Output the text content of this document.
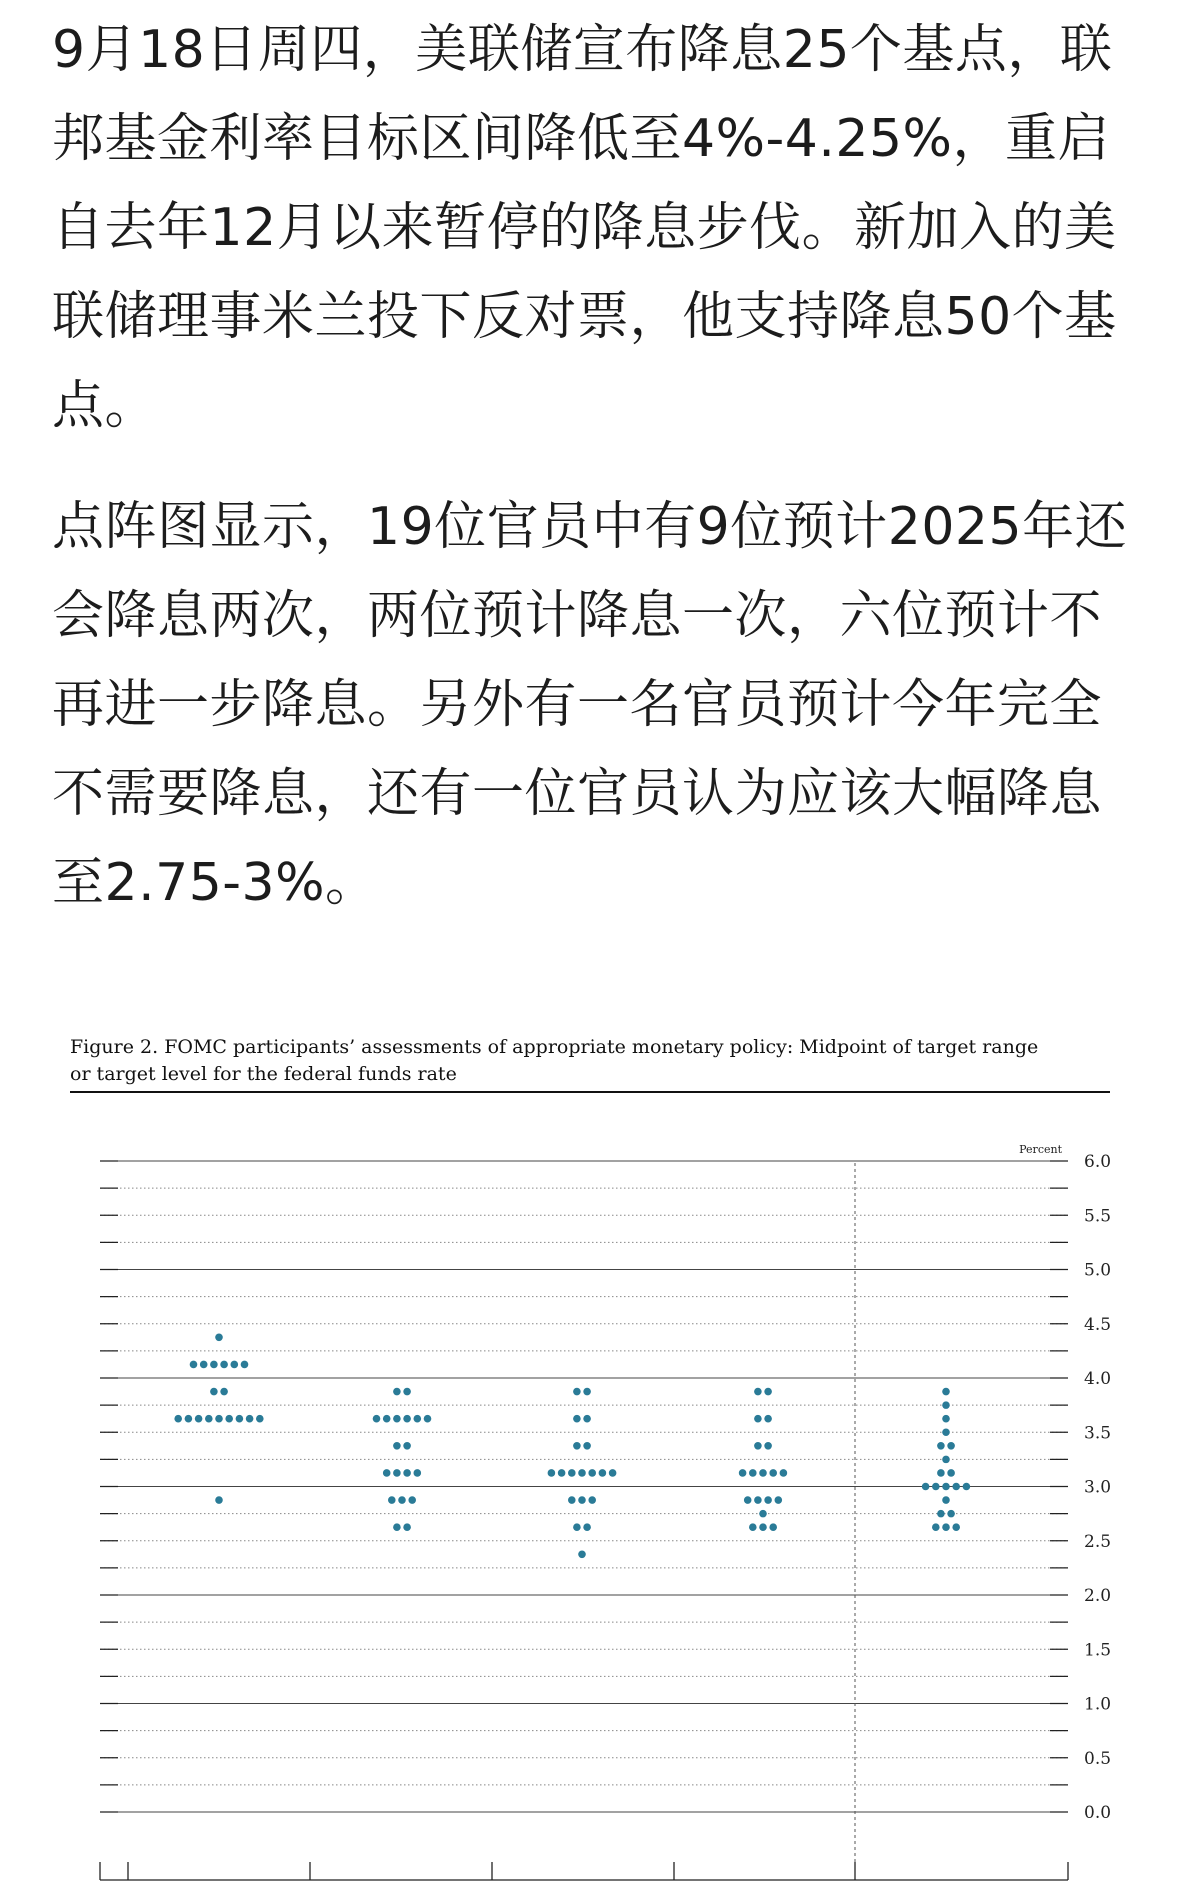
9月18日周四，美联储宣布降息25个基点，联邦基金利率目标区间降低至4%-4.25%，重启自去年12月以来暂停的降息步伐。新加入的美联储理事米兰投下反对票，他支持降息50个基点。

点阵图显示，19位官员中有9位预计2025年还会降息两次，两位预计降息一次，六位预计不再进一步降息。另外有一名官员预计今年完全不需要降息，还有一位官员认为应该大幅降息至2.75-3%。

Figure 2. FOMC participants’ assessments of appropriate monetary policy: Midpoint of target range
or target level for the federal funds rate
0.0
0.5
1.0
1.5
2.0
2.5
3.0
3.5
4.0
4.5
5.0
5.5
6.0
Percent
